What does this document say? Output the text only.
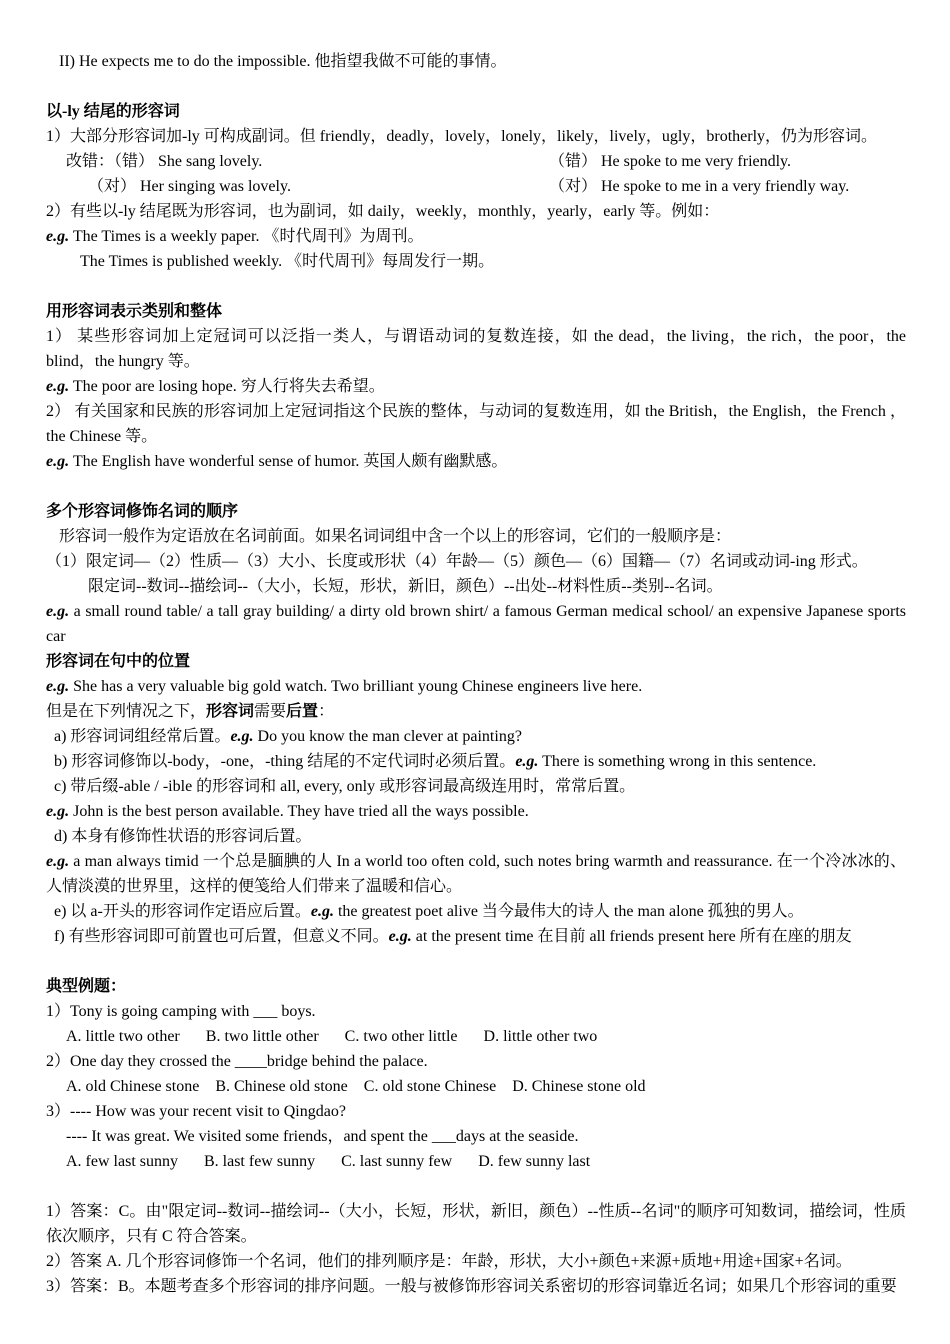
II) He expects me to do the impossible. 他指望我做不可能的事情。
以-ly 结尾的形容词
1）大部分形容词加-ly 可构成副词。但 friendly，deadly，lovely，lonely，likely，lively，ugly，brotherly，仍为形容词。
改错：（错） She sang lovely.	（错） He spoke to me very friendly.
（对） Her singing was lovely.	（对） He spoke to me in a very friendly way.
2）有些以-ly 结尾既为形容词，也为副词，如 daily，weekly，monthly，yearly，early 等。例如：
e.g. The Times is a weekly paper. 《时代周刊》为周刊。
The Times is published weekly. 《时代周刊》每周发行一期。
用形容词表示类别和整体
1） 某些形容词加上定冠词可以泛指一类人，与谓语动词的复数连接，如 the dead，the living，the rich，the poor，the blind，the hungry 等。
e.g. The poor are losing hope. 穷人行将失去希望。
2） 有关国家和民族的形容词加上定冠词指这个民族的整体，与动词的复数连用，如 the British，the English，the French ，the Chinese 等。
e.g. The English have wonderful sense of humor. 英国人颇有幽默感。
多个形容词修饰名词的顺序
形容词一般作为定语放在名词前面。如果名词词组中含一个以上的形容词，它们的一般顺序是：
（1）限定词—（2）性质—（3）大小、长度或形状（4）年龄—（5）颜色—（6）国籍—（7）名词或动词-ing 形式。
限定词--数词--描绘词--（大小，长短，形状，新旧，颜色）--出处--材料性质--类别--名词。
e.g. a small round table/ a tall gray building/ a dirty old brown shirt/ a famous German medical school/ an expensive Japanese sports car
形容词在句中的位置
e.g. She has a very valuable big gold watch. Two brilliant young Chinese engineers live here.
但是在下列情况之下，形容词需要后置：
a) 形容词词组经常后置。e.g. Do you know the man clever at painting?
b) 形容词修饰以-body，-one，-thing 结尾的不定代词时必须后置。e.g. There is something wrong in this sentence.
c) 带后缀-able / -ible 的形容词和 all, every, only 或形容词最高级连用时，常常后置。
e.g. John is the best person available. They have tried all the ways possible.
d) 本身有修饰性状语的形容词后置。
e.g. a man always timid 一个总是腼腆的人 In a world too often cold, such notes bring warmth and reassurance. 在一个冷冰冰的、人情淡漠的世界里，这样的便笺给人们带来了温暖和信心。
e) 以 a-开头的形容词作定语应后置。e.g. the greatest poet alive 当今最伟大的诗人 the man alone 孤独的男人。
f) 有些形容词即可前置也可后置，但意义不同。e.g. at the present time 在目前 all friends present here 所有在座的朋友
典型例题：
1）Tony is going camping with ___ boys.
A. little two other B. two little other C. two other little D. little other two
2）One day they crossed the ____bridge behind the palace.
A. old Chinese stone B. Chinese old stone C. old stone Chinese D. Chinese stone old
3）---- How was your recent visit to Qingdao?
---- It was great. We visited some friends，and spent the ___days at the seaside.
A. few last sunny B. last few sunny C. last sunny few D. few sunny last
1）答案：C。由"限定词--数词--描绘词--（大小，长短，形状，新旧，颜色）--性质--名词"的顺序可知数词，描绘词，性质依次顺序，只有 C 符合答案。
2）答案 A. 几个形容词修饰一个名词，他们的排列顺序是：年龄，形状，大小+颜色+来源+质地+用途+国家+名词。
3）答案：B。本题考查多个形容词的排序问题。一般与被修饰形容词关系密切的形容词靠近名词；如果几个形容词的重要
